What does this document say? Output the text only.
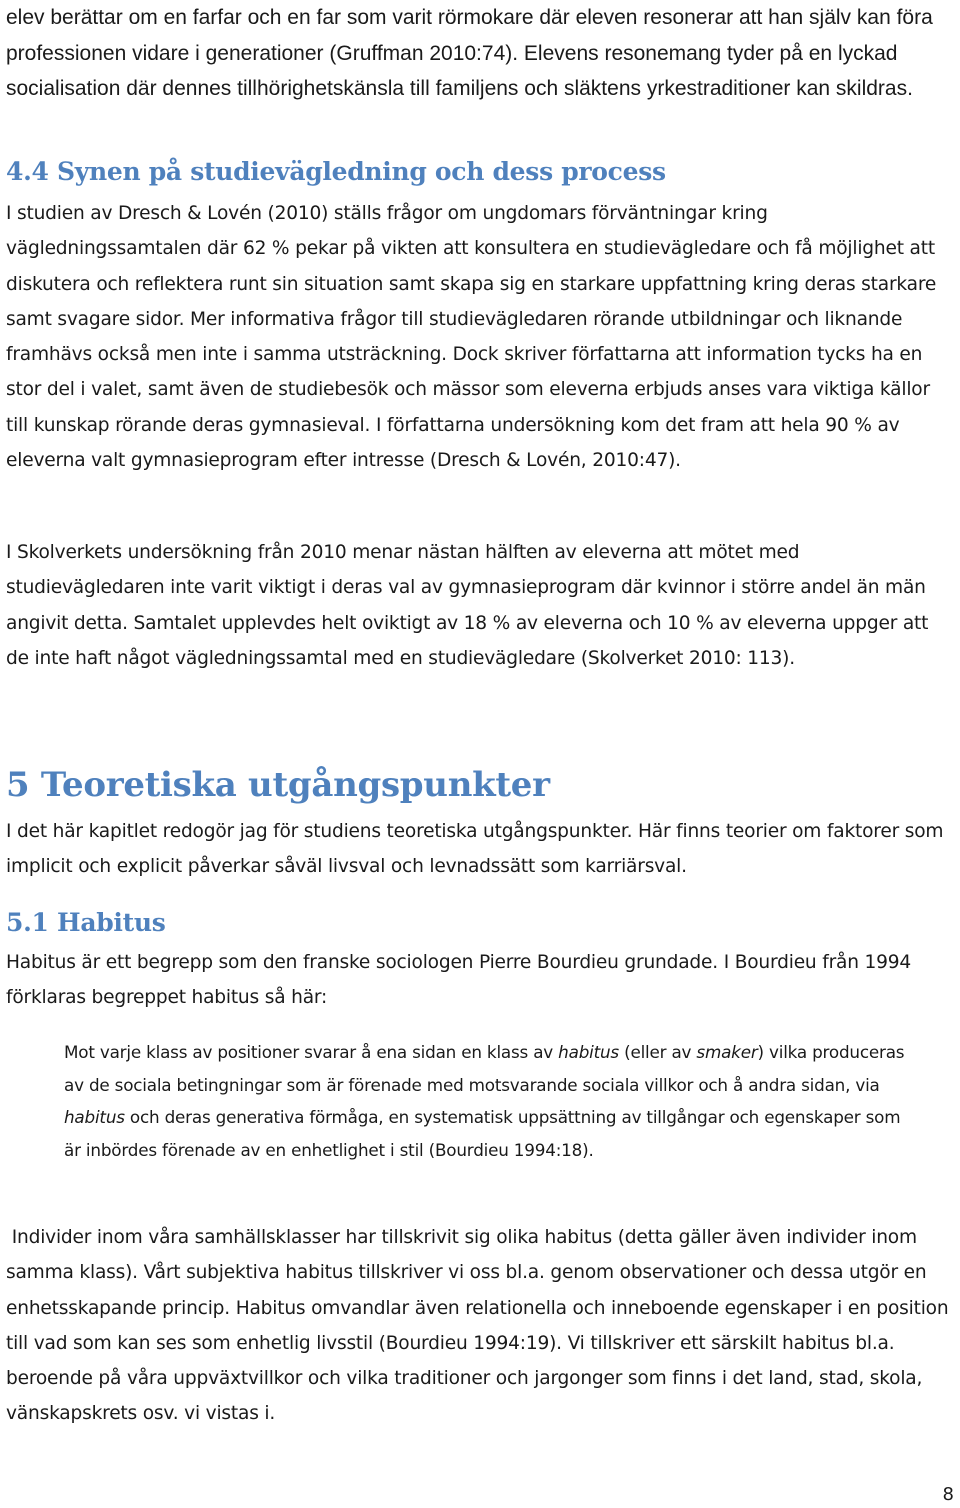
elev berättar om en farfar och en far som varit rörmokare där eleven resonerar att han själv kan föra professionen vidare i generationer (Gruffman 2010:74). Elevens resonemang tyder på en lyckad socialisation där dennes tillhörighetskänsla till familjens och släktens yrkestraditioner kan skildras.

4.4 Synen på studievägledning och dess process

I studien av Dresch & Lovén (2010) ställs frågor om ungdomars förväntningar kring vägledningssamtalen där 62 % pekar på vikten att konsultera en studievägledare och få möjlighet att diskutera och reflektera runt sin situation samt skapa sig en starkare uppfattning kring deras starkare samt svagare sidor. Mer informativa frågor till studievägledaren rörande utbildningar och liknande framhävs också men inte i samma utsträckning. Dock skriver författarna att information tycks ha en stor del i valet, samt även de studiebesök och mässor som eleverna erbjuds anses vara viktiga källor till kunskap rörande deras gymnasieval. I författarna undersökning kom det fram att hela 90 % av eleverna valt gymnasieprogram efter intresse (Dresch & Lovén, 2010:47).

I Skolverkets undersökning från 2010 menar nästan hälften av eleverna att mötet med studievägledaren inte varit viktigt i deras val av gymnasieprogram där kvinnor i större andel än män angivit detta. Samtalet upplevdes helt oviktigt av 18 % av eleverna och 10 % av eleverna uppger att de inte haft något vägledningssamtal med en studievägledare (Skolverket 2010: 113).

5 Teoretiska utgångspunkter

I det här kapitlet redogör jag för studiens teoretiska utgångspunkter. Här finns teorier om faktorer som implicit och explicit påverkar såväl livsval och levnadssätt som karriärsval.

5.1 Habitus

Habitus är ett begrepp som den franske sociologen Pierre Bourdieu grundade. I Bourdieu från 1994 förklaras begreppet habitus så här:

Mot varje klass av positioner svarar å ena sidan en klass av habitus (eller av smaker) vilka produceras av de sociala betingningar som är förenade med motsvarande sociala villkor och å andra sidan, via habitus och deras generativa förmåga, en systematisk uppsättning av tillgångar och egenskaper som är inbördes förenade av en enhetlighet i stil (Bourdieu 1994:18).

Individer inom våra samhällsklasser har tillskrivit sig olika habitus (detta gäller även individer inom samma klass). Vårt subjektiva habitus tillskriver vi oss bl.a. genom observationer och dessa utgör en enhetsskapande princip. Habitus omvandlar även relationella och inneboende egenskaper i en position till vad som kan ses som enhetlig livsstil (Bourdieu 1994:19). Vi tillskriver ett särskilt habitus bl.a. beroende på våra uppväxtvillkor och vilka traditioner och jargonger som finns i det land, stad, skola, vänskapskrets osv. vi vistas i.

8
